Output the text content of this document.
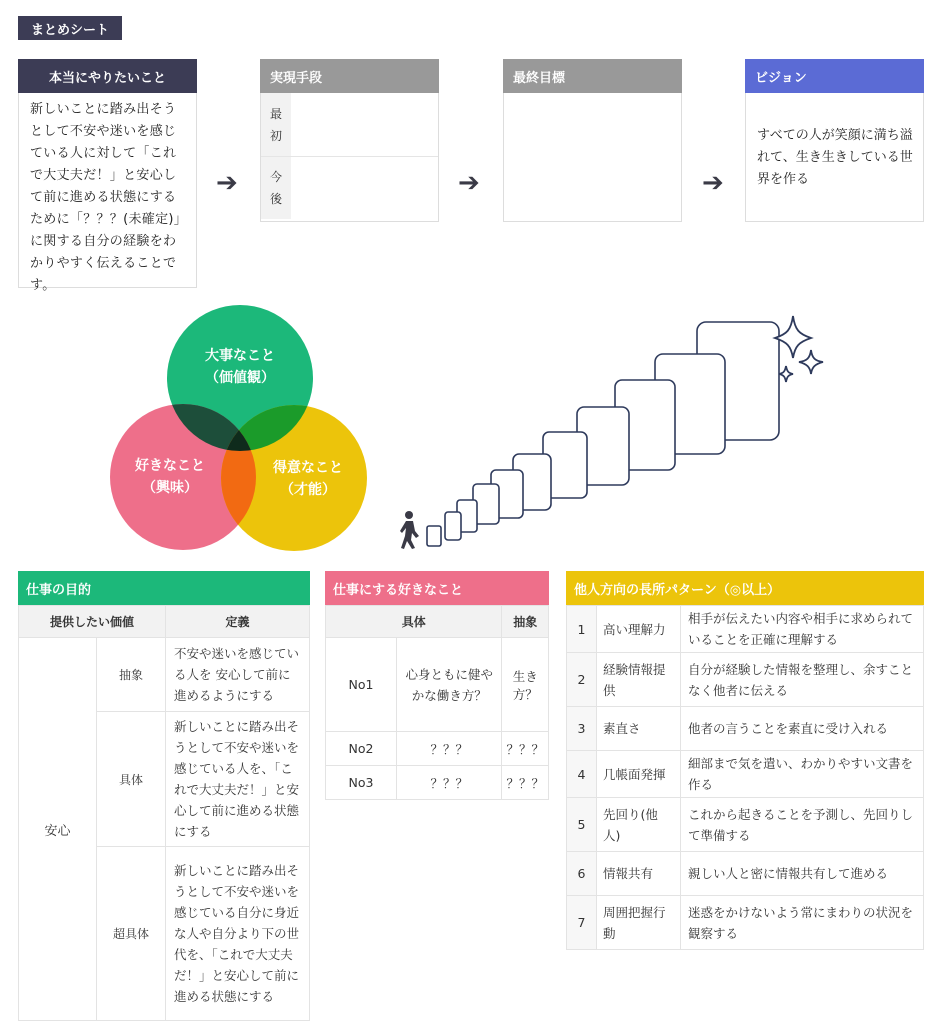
まとめシート
本当にやりたいこと
新しいことに踏み出そうとして不安や迷いを感じている人に対して「これで大丈夫だ！」と安心して前に進める状態にするために「？？？(未確定)」に関する自分の経験をわかりやすく伝えることです。
➔
実現手段
最初
今後
➔
最終目標
➔
ビジョン
すべての人が笑顔に満ち溢れて、生き生きしている世界を作る
大事なこと
（価値観）
好きなこと
（興味）
得意なこと
（才能）
仕事の目的
提供したい価値		定義
安心	抽象	不安や迷いを感じている人を 安心して前に進めるようにする
	具体	新しいことに踏み出そうとして不安や迷いを感じている人を、「これで大丈夫だ！」と安心して前に進める状態にする
	超具体	新しいことに踏み出そうとして不安や迷いを感じている自分に身近な人や自分より下の世代を、「これで大丈夫だ！」と安心して前に進める状態にする
仕事にする好きなこと
具体		抽象
No1	心身ともに健やかな働き方？	生き方？
No2	？？？	？？？
No3	？？？	？？？
他人方向の長所パターン（◎以上）
1	高い理解力	相手が伝えたい内容や相手に求められていることを正確に理解する
2	経験情報提供	自分が経験した情報を整理し、余すことなく他者に伝える
3	素直さ	他者の言うことを素直に受け入れる
4	几帳面発揮	細部まで気を遣い、わかりやすい文書を作る
5	先回り(他人)	これから起きることを予測し、先回りして準備する
6	情報共有	親しい人と密に情報共有して進める
7	周囲把握行動	迷惑をかけないよう常にまわりの状況を観察する
